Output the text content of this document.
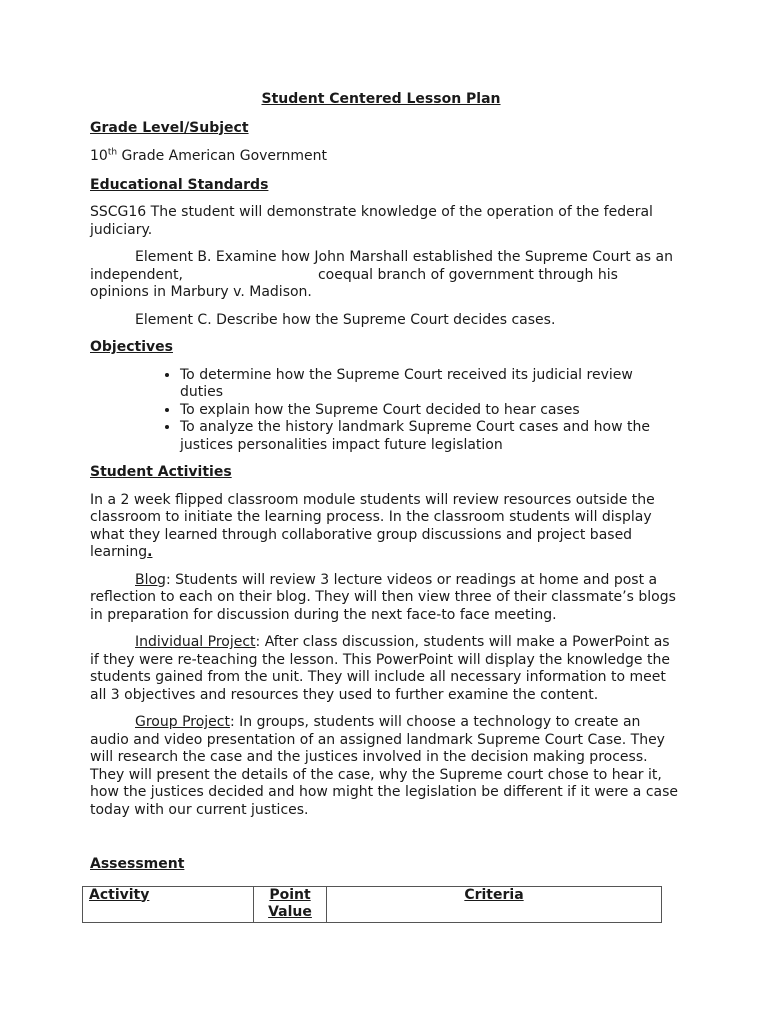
Student Centered Lesson Plan

Grade Level/Subject

10th Grade American Government

Educational Standards

SSCG16 The student will demonstrate knowledge of the operation of the federal judiciary.

Element B. Examine how John Marshall established the Supreme Court as an independent,	coequal branch of government through his opinions in Marbury v. Madison.

Element C. Describe how the Supreme Court decides cases.

Objectives
• To determine how the Supreme Court received its judicial review duties
• To explain how the Supreme Court decided to hear cases
• To analyze the history landmark Supreme Court cases and how the justices personalities impact future legislation
Student Activities

In a 2 week flipped classroom module students will review resources outside the classroom to initiate the learning process. In the classroom students will display what they learned through collaborative group discussions and project based learning.

Blog: Students will review 3 lecture videos or readings at home and post a reflection to each on their blog. They will then view three of their classmate’s blogs in preparation for discussion during the next face-to face meeting.

Individual Project: After class discussion, students will make a PowerPoint as if they were re-teaching the lesson. This PowerPoint will display the knowledge the students gained from the unit. They will include all necessary information to meet all 3 objectives and resources they used to further examine the content.

Group Project: In groups, students will choose a technology to create an audio and video presentation of an assigned landmark Supreme Court Case. They will research the case and the justices involved in the decision making process. They will present the details of the case, why the Supreme court chose to hear it, how the justices decided and how might the legislation be different if it were a case today with our current justices.

Assessment
Activity	Point Value	Criteria
